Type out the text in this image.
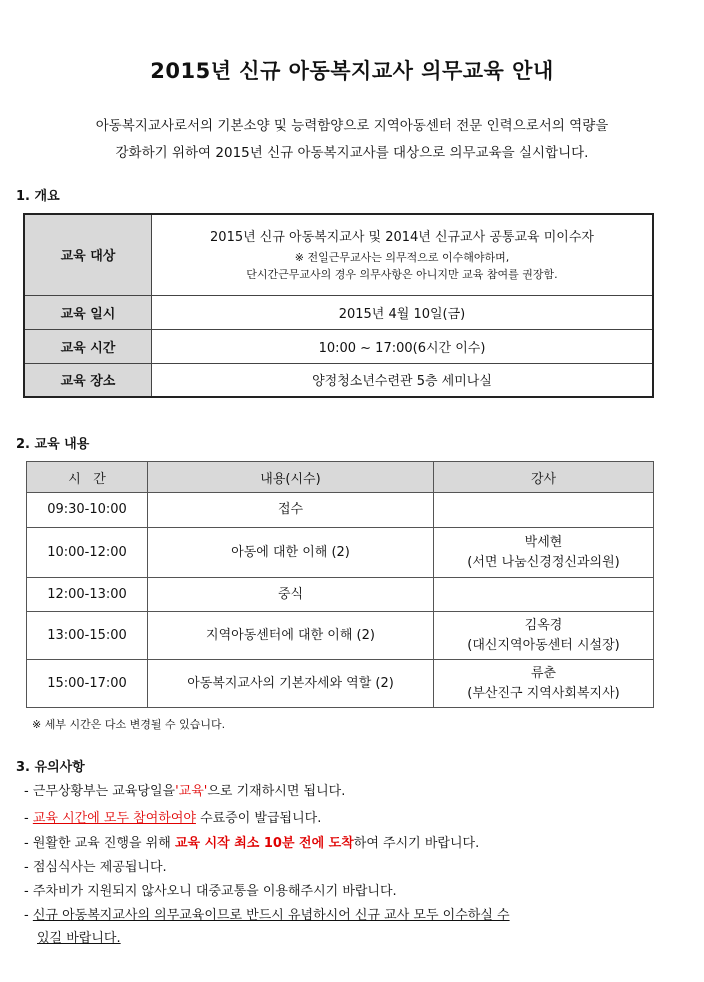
2015년 신규 아동복지교사 의무교육 안내
아동복지교사로서의 기본소양 및 능력함양으로 지역아동센터 전문 인력으로서의 역량을
강화하기 위하여 2015년 신규 아동복지교사를 대상으로 의무교육을 실시합니다.
1. 개요
교육 대상	2015년 신규 아동복지교사 및 2014년 신규교사 공통교육 미이수자
※ 전일근무교사는 의무적으로 이수해야하며,
단시간근무교사의 경우 의무사항은 아니지만 교육 참여를 권장함.

교육 일시	2015년 4월 10일(금)
교육 시간	10:00 ~ 17:00(6시간 이수)
교육 장소	양정청소년수련관 5층 세미나실
2. 교육 내용
시   간	내용(시수)	강사
09:30-10:00	접수	
10:00-12:00	아동에 대한 이해 (2)	박세현
(서면 나눔신경정신과의원)

12:00-13:00	중식	
13:00-15:00	지역아동센터에 대한 이해 (2)	김옥경
(대신지역아동센터 시설장)

15:00-17:00	아동복지교사의 기본자세와 역할 (2)	류춘
(부산진구 지역사회복지사)
※ 세부 시간은 다소 변경될 수 있습니다.
3. 유의사항
- 근무상황부는 교육당일을'교육'으로 기재하시면 됩니다.
- 교육 시간에 모두 참여하여야 수료증이 발급됩니다.
- 원활한 교육 진행을 위해 교육 시작 최소 10분 전에 도착하여 주시기 바랍니다.
- 점심식사는 제공됩니다.
- 주차비가 지원되지 않사오니 대중교통을 이용해주시기 바랍니다.
- 신규 아동복지교사의 의무교육이므로 반드시 유념하시어 신규 교사 모두 이수하실 수
있길 바랍니다.
